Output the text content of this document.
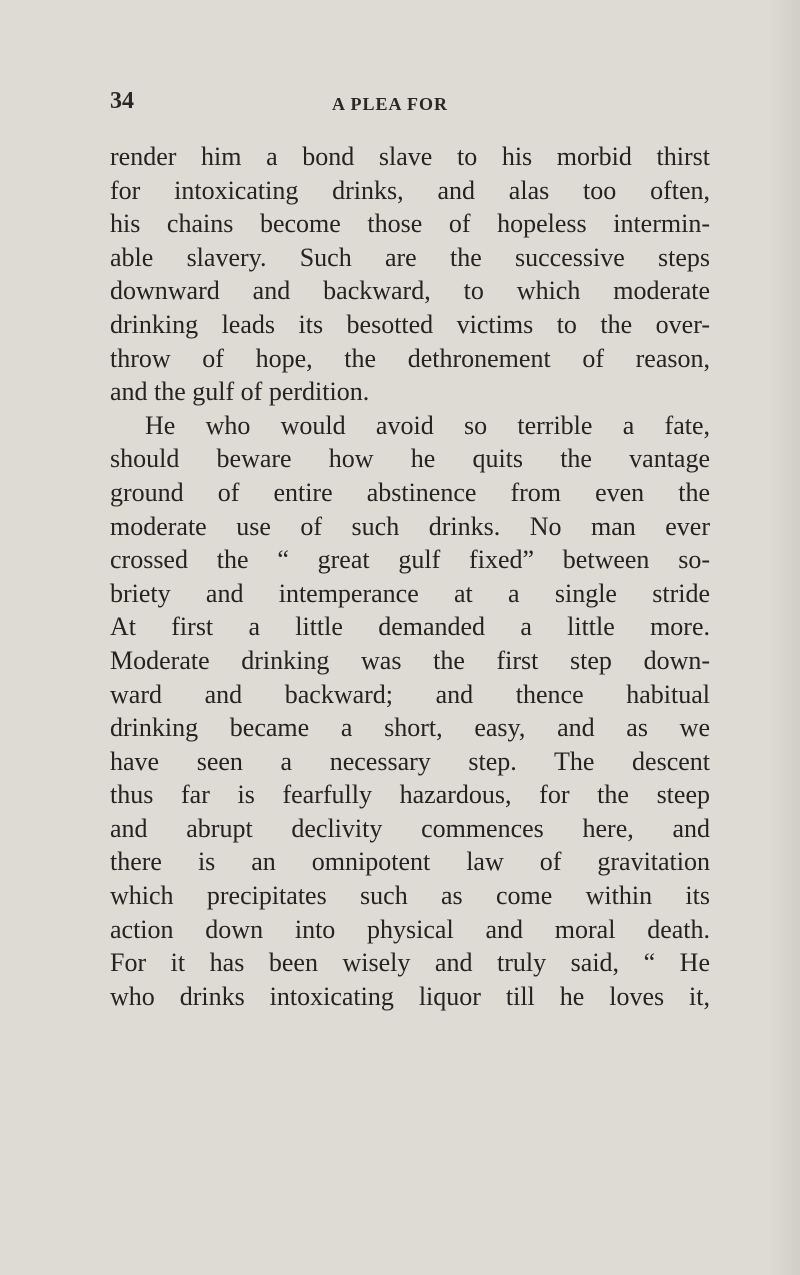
34	A PLEA FOR
render him a bond slave to his morbid thirst
for intoxicating drinks, and alas too often,
his chains become those of hopeless intermin-
able slavery. Such are the successive steps
downward and backward, to which moderate
drinking leads its besotted victims to the over-
throw of hope, the dethronement of reason,
and the gulf of perdition.
He who would avoid so terrible a fate,
should beware how he quits the vantage
ground of entire abstinence from even the
moderate use of such drinks. No man ever
crossed the “ great gulf fixed” between so-
briety and intemperance at a single stride
At first a little demanded a little more.
Moderate drinking was the first step down-
ward and backward; and thence habitual
drinking became a short, easy, and as we
have seen a necessary step. The descent
thus far is fearfully hazardous, for the steep
and abrupt declivity commences here, and
there is an omnipotent law of gravitation
which precipitates such as come within its
action down into physical and moral death.
For it has been wisely and truly said, “ He
who drinks intoxicating liquor till he loves it,
